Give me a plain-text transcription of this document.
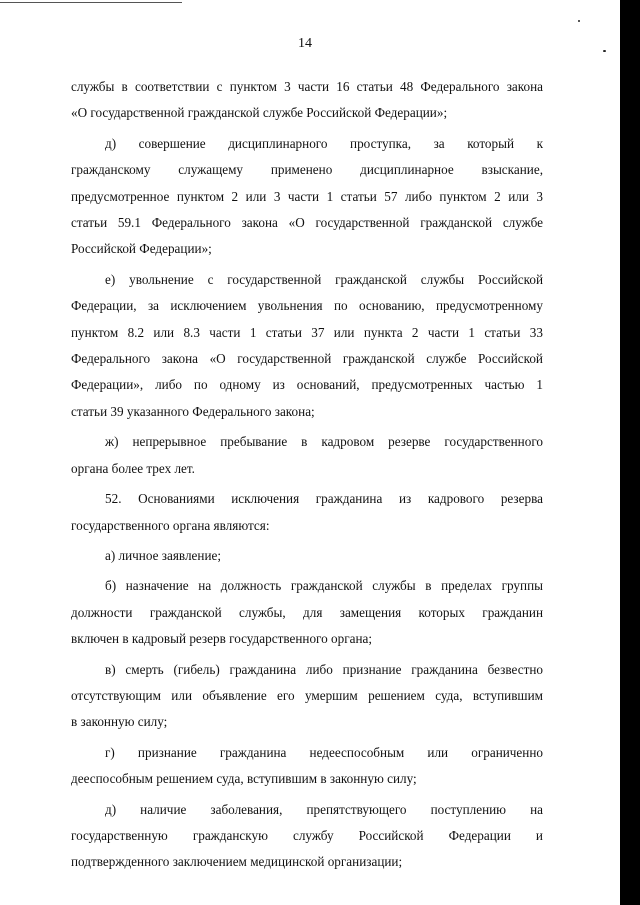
14
службы в соответствии с пунктом 3 части 16 статьи 48 Федерального закона
«О государственной гражданской службе Российской Федерации»;
д) совершение дисциплинарного проступка, за который к
гражданскому служащему применено дисциплинарное взыскание,
предусмотренное пунктом 2 или 3 части 1 статьи 57 либо пунктом 2 или 3
статьи 59.1 Федерального закона «О государственной гражданской службе
Российской Федерации»;
е) увольнение с государственной гражданской службы Российской
Федерации, за исключением увольнения по основанию, предусмотренному
пунктом 8.2 или 8.3 части 1 статьи 37 или пункта 2 части 1 статьи 33
Федерального закона «О государственной гражданской службе Российской
Федерации», либо по одному из оснований, предусмотренных частью 1
статьи 39 указанного Федерального закона;
ж) непрерывное пребывание в кадровом резерве государственного
органа более трех лет.
52. Основаниями исключения гражданина из кадрового резерва
государственного органа являются:
а) личное заявление;
б) назначение на должность гражданской службы в пределах группы
должности гражданской службы, для замещения которых гражданин
включен в кадровый резерв государственного органа;
в) смерть (гибель) гражданина либо признание гражданина безвестно
отсутствующим или объявление его умершим решением суда, вступившим
в законную силу;
г) признание гражданина недееспособным или ограниченно
дееспособным решением суда, вступившим в законную силу;
д) наличие заболевания, препятствующего поступлению на
государственную гражданскую службу Российской Федерации и
подтвержденного заключением медицинской организации;
